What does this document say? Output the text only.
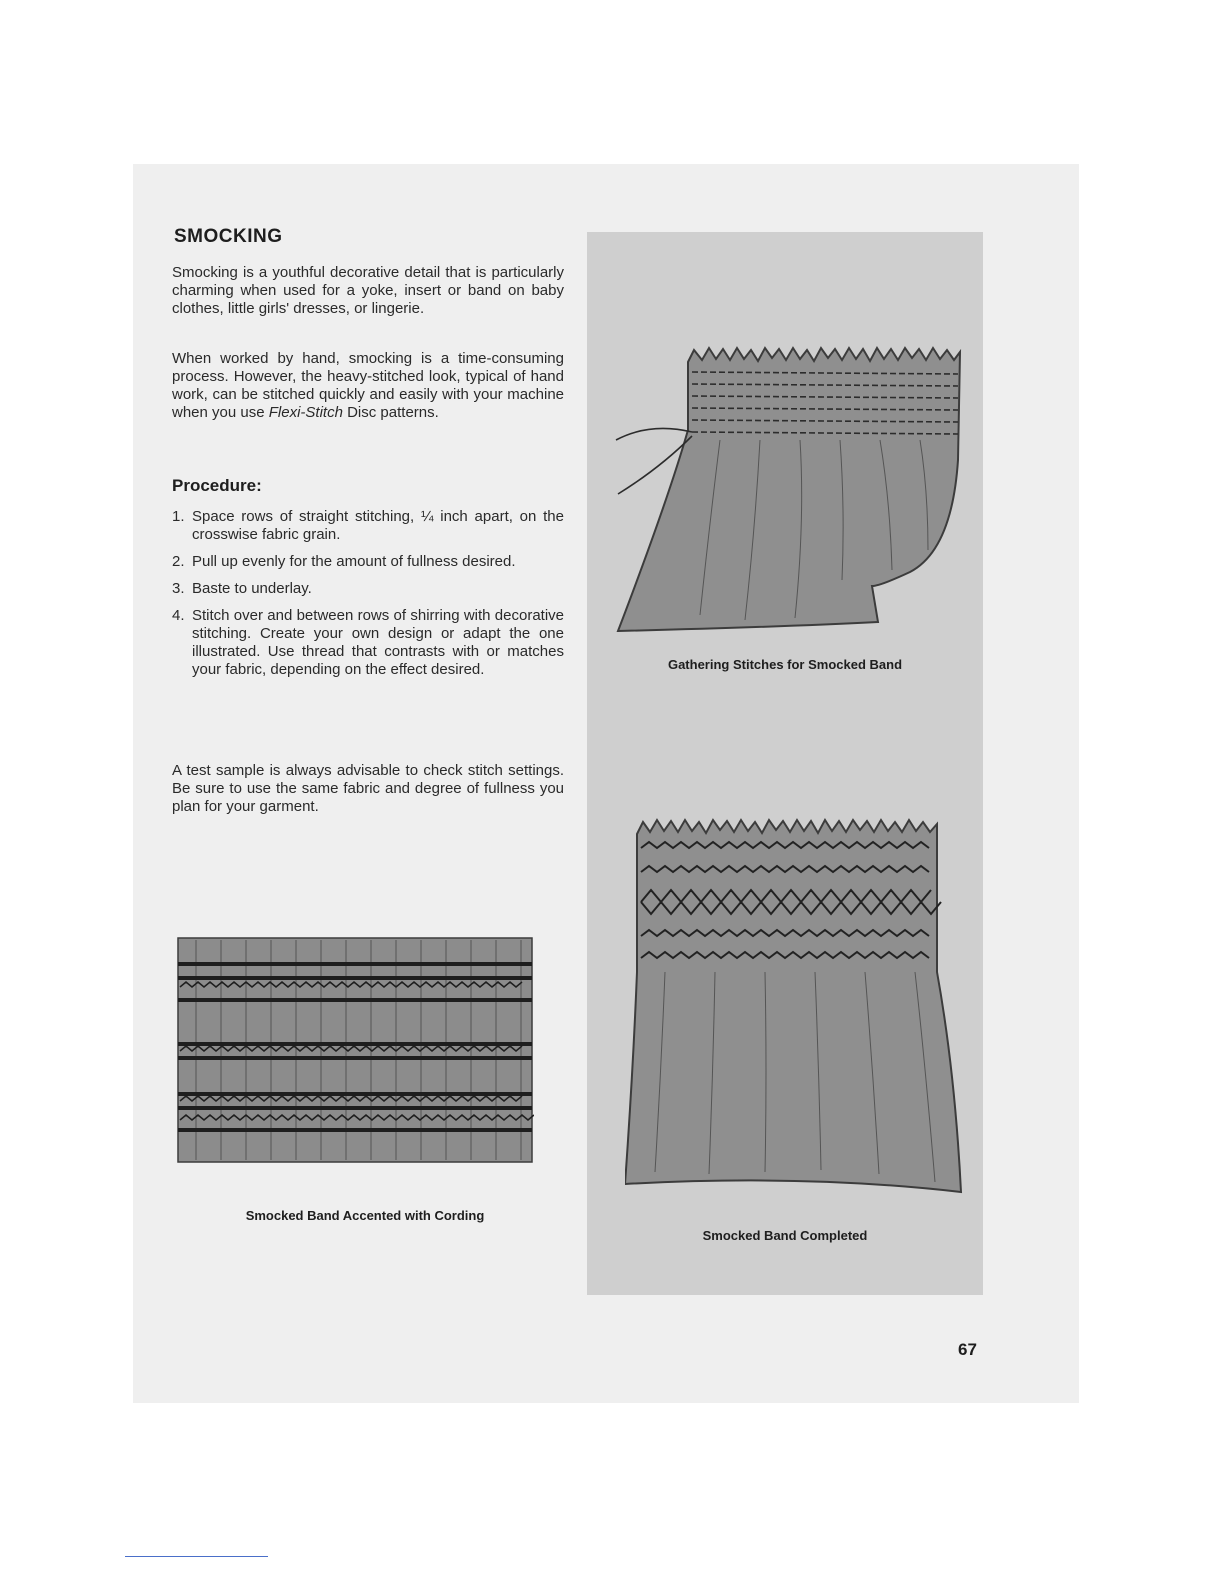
SMOCKING

Smocking is a youthful decorative detail that is particularly charming when used for a yoke, insert or band on baby clothes, little girls' dresses, or lingerie.

When worked by hand, smocking is a time-consuming process. However, the heavy-stitched look, typical of hand work, can be stitched quickly and easily with your machine when you use Flexi-Stitch Disc patterns.

Procedure:
1. Space rows of straight stitching, ¼ inch apart, on the crosswise fabric grain.
2. Pull up evenly for the amount of fullness desired.
3. Baste to underlay.
4. Stitch over and between rows of shirring with decorative stitching. Create your own design or adapt the one illustrated. Use thread that contrasts with or matches your fabric, depending on the effect desired.

A test sample is always advisable to check stitch settings. Be sure to use the same fabric and degree of fullness you plan for your garment.

Gathering Stitches for Smocked Band

Smocked Band Completed

Smocked Band Accented with Cording

67
